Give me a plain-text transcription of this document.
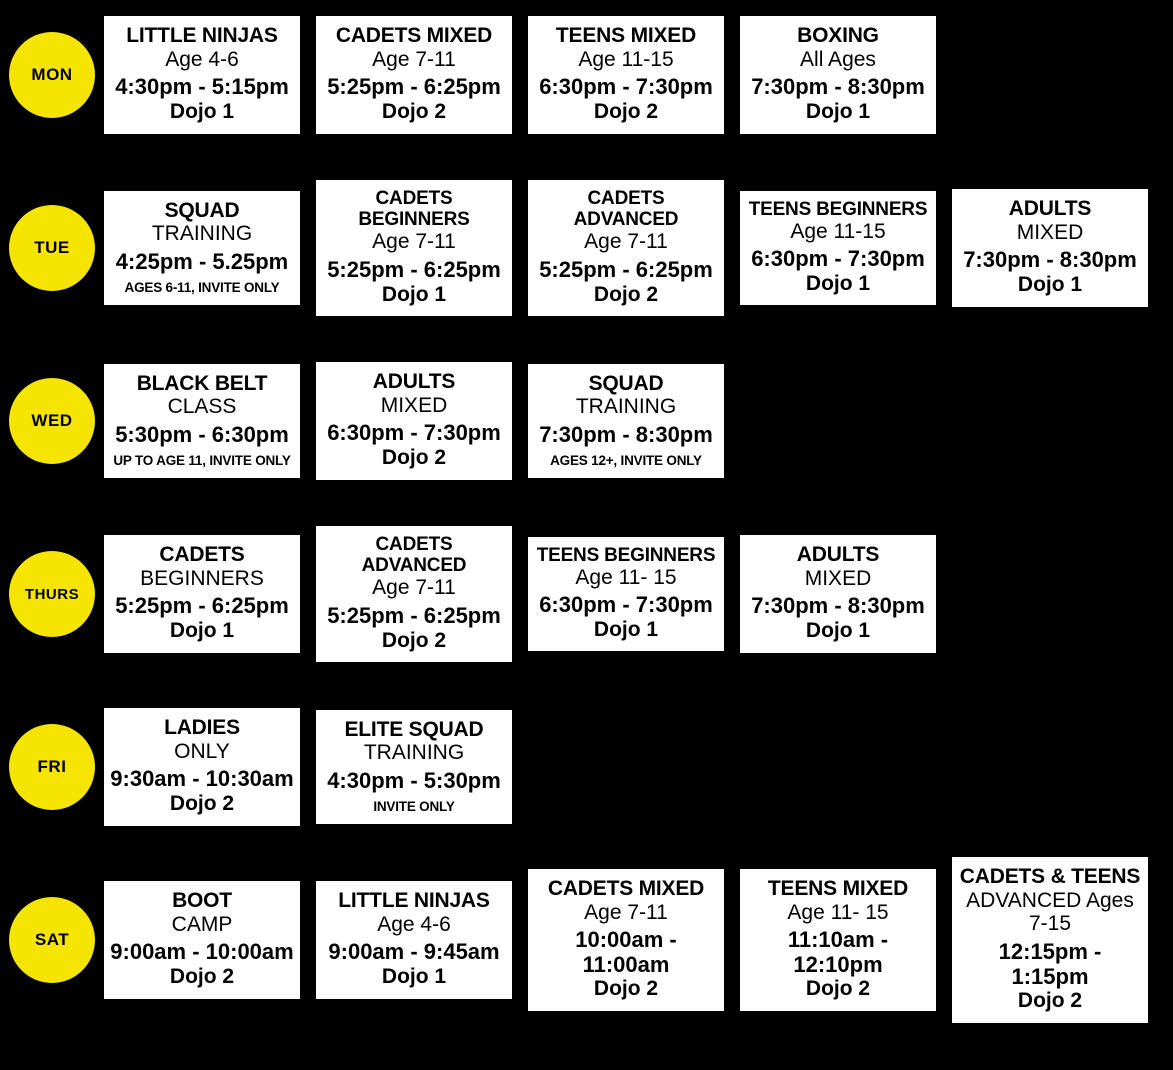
MON
LITTLE NINJAS
Age 4-6
4:30pm - 5:15pm
Dojo 1
CADETS MIXED
Age 7-11
5:25pm - 6:25pm
Dojo 2
TEENS MIXED
Age 11-15
6:30pm - 7:30pm
Dojo 2
BOXING
All Ages
7:30pm - 8:30pm
Dojo 1
TUE
SQUAD
TRAINING
4:25pm - 5.25pm
AGES 6-11, INVITE ONLY
CADETS BEGINNERS
Age 7-11
5:25pm - 6:25pm
Dojo 1
CADETS ADVANCED
Age 7-11
5:25pm - 6:25pm
Dojo 2
TEENS BEGINNERS
Age 11-15
6:30pm - 7:30pm
Dojo 1
ADULTS
MIXED
7:30pm - 8:30pm
Dojo 1
WED
BLACK BELT
CLASS
5:30pm - 6:30pm
UP TO AGE 11, INVITE ONLY
ADULTS
MIXED
6:30pm - 7:30pm
Dojo 2
SQUAD
TRAINING
7:30pm - 8:30pm
AGES 12+, INVITE ONLY
THURS
CADETS
BEGINNERS
5:25pm - 6:25pm
Dojo 1
CADETS ADVANCED
Age 7-11
5:25pm - 6:25pm
Dojo 2
TEENS BEGINNERS
Age 11- 15
6:30pm - 7:30pm
Dojo 1
ADULTS
MIXED
7:30pm - 8:30pm
Dojo 1
FRI
LADIES
ONLY
9:30am - 10:30am
Dojo 2
ELITE SQUAD
TRAINING
4:30pm - 5:30pm
INVITE ONLY
SAT
BOOT
CAMP
9:00am - 10:00am
Dojo 2
LITTLE NINJAS
Age 4-6
9:00am - 9:45am
Dojo 1
CADETS MIXED
Age 7-11
10:00am - 11:00am
Dojo 2
TEENS MIXED
Age 11- 15
11:10am - 12:10pm
Dojo 2
CADETS & TEENS
ADVANCED Ages 7-15
12:15pm - 1:15pm
Dojo 2
